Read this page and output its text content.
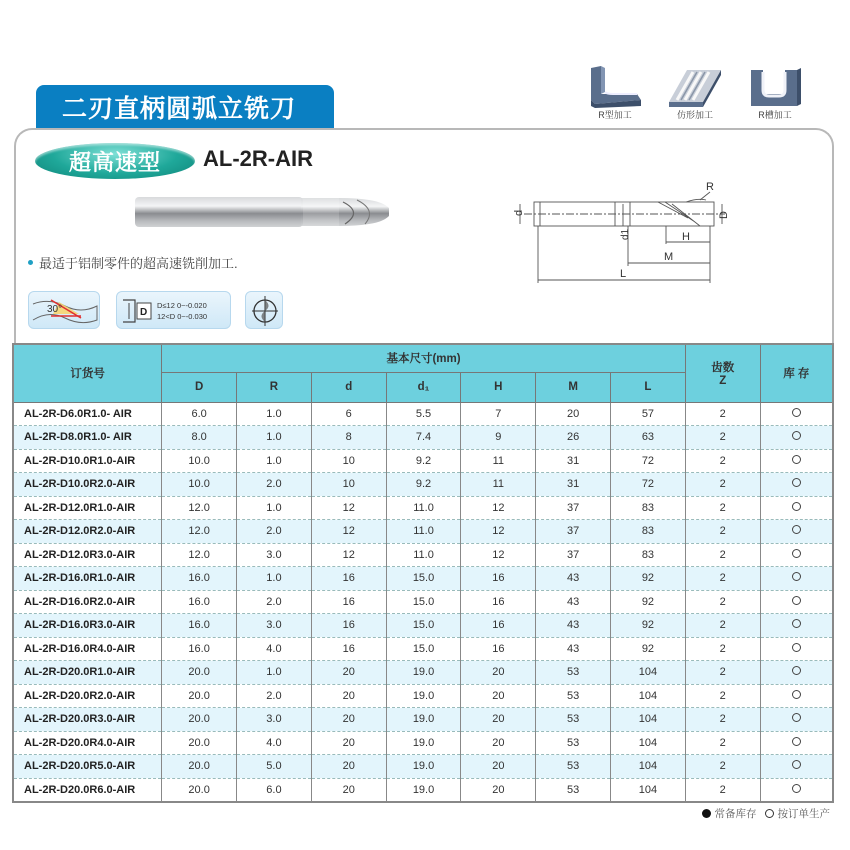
二刃直柄圆弧立铣刀	R型加工	仿形加工	R槽加工
超高速型	AL-2R-AIR
R
D
d
d1	H
M
L
最适于铝制零件的超高速铣削加工.
30°	D
D≤12 0~-0.020
12<D 0~-0.030
订货号	基本尺寸(mm)							齿数
Z	库 存
	D	R	d	d₁	H	M	L		
AL-2R-D6.0R1.0- AIR	6.0	1.0	6	5.5	7	20	57	2	
AL-2R-D8.0R1.0- AIR	8.0	1.0	8	7.4	9	26	63	2	
AL-2R-D10.0R1.0-AIR	10.0	1.0	10	9.2	11	31	72	2	
AL-2R-D10.0R2.0-AIR	10.0	2.0	10	9.2	11	31	72	2	
AL-2R-D12.0R1.0-AIR	12.0	1.0	12	11.0	12	37	83	2	
AL-2R-D12.0R2.0-AIR	12.0	2.0	12	11.0	12	37	83	2	
AL-2R-D12.0R3.0-AIR	12.0	3.0	12	11.0	12	37	83	2	
AL-2R-D16.0R1.0-AIR	16.0	1.0	16	15.0	16	43	92	2	
AL-2R-D16.0R2.0-AIR	16.0	2.0	16	15.0	16	43	92	2	
AL-2R-D16.0R3.0-AIR	16.0	3.0	16	15.0	16	43	92	2	
AL-2R-D16.0R4.0-AIR	16.0	4.0	16	15.0	16	43	92	2	
AL-2R-D20.0R1.0-AIR	20.0	1.0	20	19.0	20	53	104	2	
AL-2R-D20.0R2.0-AIR	20.0	2.0	20	19.0	20	53	104	2	
AL-2R-D20.0R3.0-AIR	20.0	3.0	20	19.0	20	53	104	2	
AL-2R-D20.0R4.0-AIR	20.0	4.0	20	19.0	20	53	104	2	
AL-2R-D20.0R5.0-AIR	20.0	5.0	20	19.0	20	53	104	2	
AL-2R-D20.0R6.0-AIR	20.0	6.0	20	19.0	20	53	104	2	
常备库存 按订单生产
